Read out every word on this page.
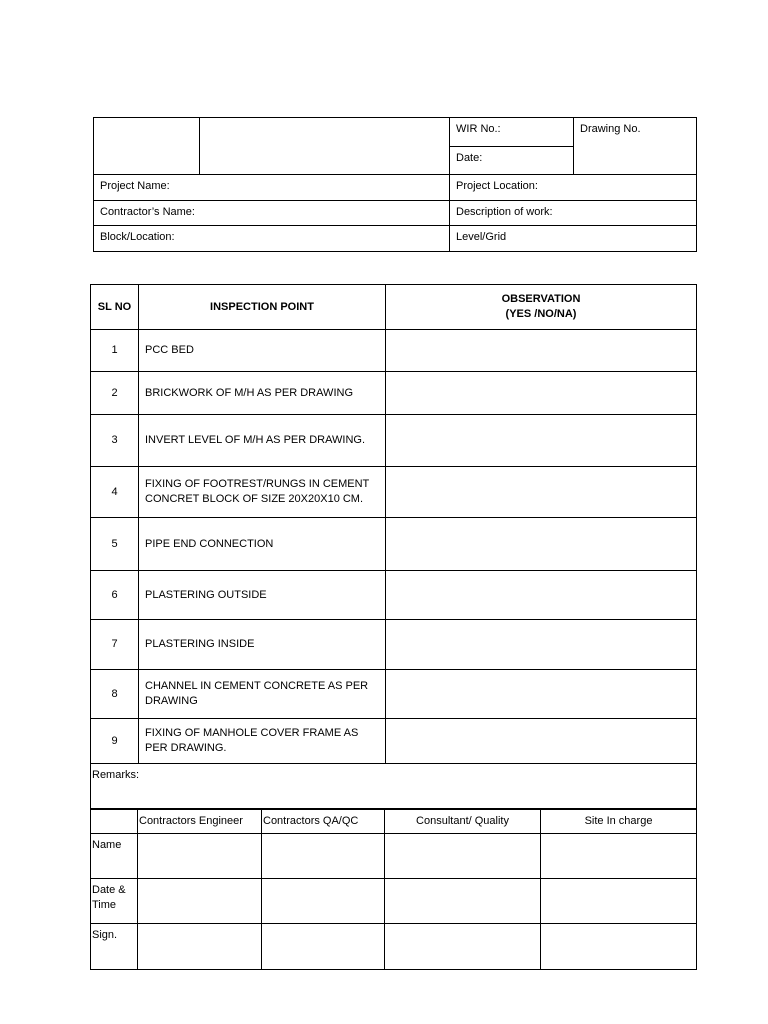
		WIR No.:	Drawing No.
		Date:	
Project Name:		Project Location:	
Contractor’s Name:		Description of work:	
Block/Location:		Level/Grid	
SL NO	INSPECTION POINT	OBSERVATION
(YES /NO/NA)

1	PCC BED	
2	BRICKWORK OF M/H AS PER DRAWING	
3	INVERT LEVEL OF M/H AS PER DRAWING.	
4	FIXING OF FOOTREST/RUNGS IN CEMENT CONCRET BLOCK OF SIZE 20X20X10 CM.	
5	PIPE END CONNECTION	
6	PLASTERING OUTSIDE	
7	PLASTERING INSIDE	
8	CHANNEL IN CEMENT CONCRETE AS PER DRAWING	
9	FIXING OF MANHOLE COVER FRAME AS PER DRAWING.	
Remarks:		
	Contractors Engineer	Contractors QA/QC	Consultant/ Quality	Site In charge
Name				
Date & Time				
Sign.				
